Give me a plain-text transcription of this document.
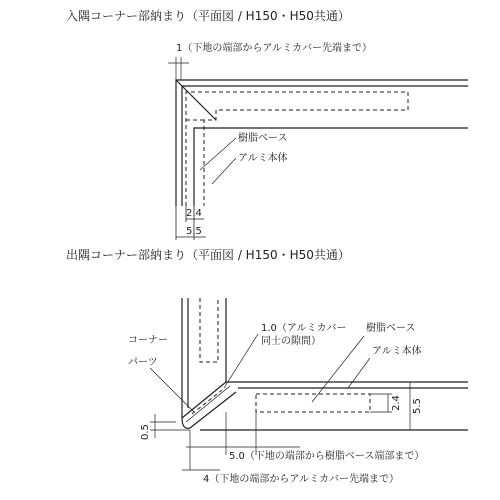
入隅コーナー部納まり（平面図 / H150・H50共通）
1（下地の端部からアルミカバー先端まで）
樹脂ベース
アルミ本体
2.4
5.5
出隅コーナー部納まり（平面図 / H150・H50共通）
コーナー
パーツ
1.0（アルミカバー
同士の隙間）
樹脂ベース
アルミ本体
2.4 5.5
0.5
5.0（下地の端部から樹脂ベース端部まで）
4（下地の端部からアルミカバー先端まで）
